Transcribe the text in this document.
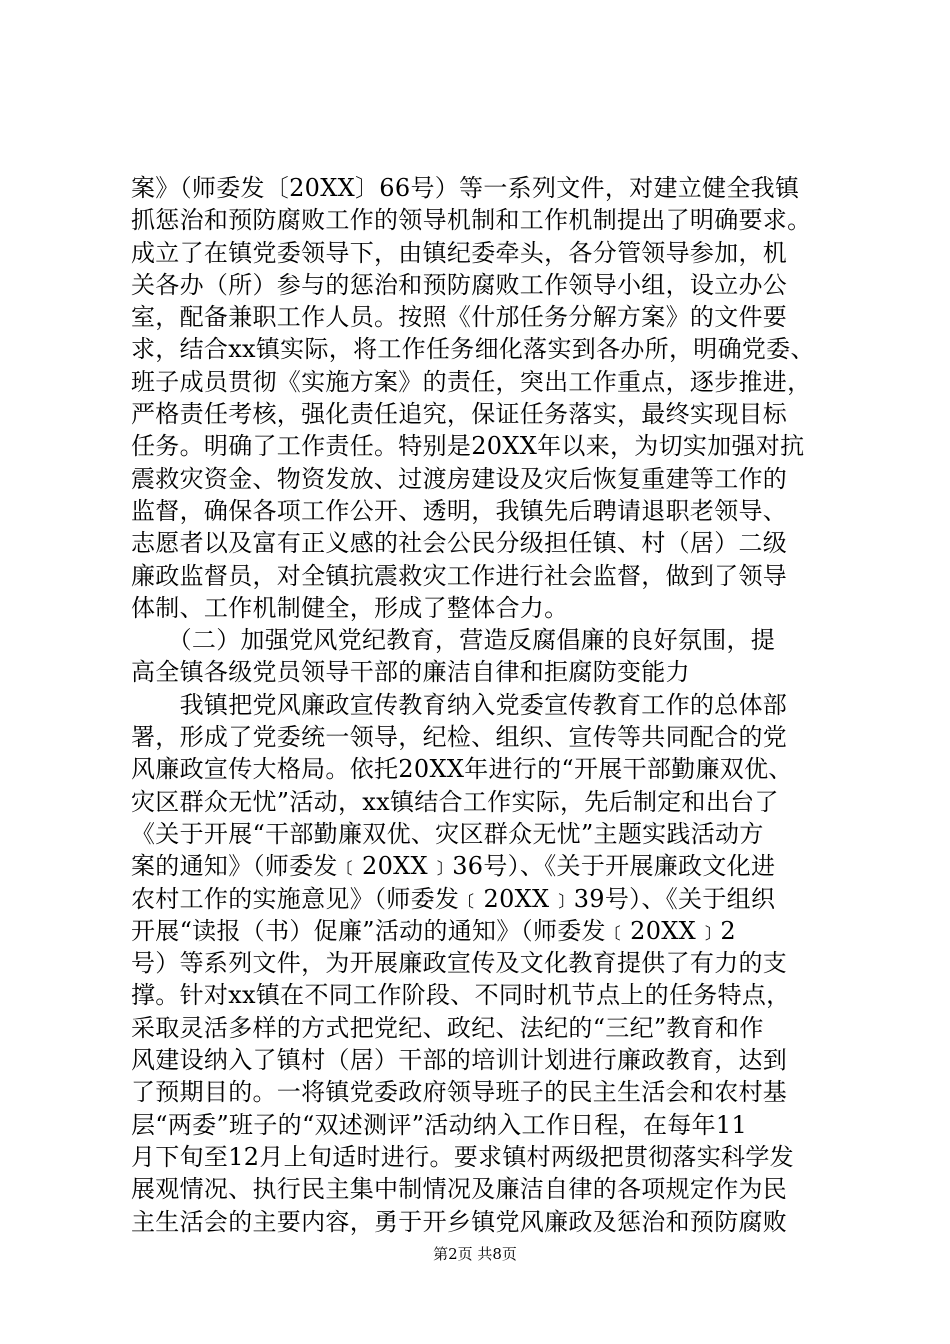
案》（师委发〔20XX〕66号）等一系列文件，对建立健全我镇
抓惩治和预防腐败工作的领导机制和工作机制提出了明确要求。
成立了在镇党委领导下，由镇纪委牵头，各分管领导参加，机
关各办（所）参与的惩治和预防腐败工作领导小组，设立办公
室，配备兼职工作人员。按照《什邡任务分解方案》的文件要
求，结合xx镇实际，将工作任务细化落实到各办所，明确党委、
班子成员贯彻《实施方案》的责任，突出工作重点，逐步推进，
严格责任考核，强化责任追究，保证任务落实，最终实现目标
任务。明确了工作责任。特别是20XX年以来，为切实加强对抗
震救灾资金、物资发放、过渡房建设及灾后恢复重建等工作的
监督，确保各项工作公开、透明，我镇先后聘请退职老领导、
志愿者以及富有正义感的社会公民分级担任镇、村（居）二级
廉政监督员，对全镇抗震救灾工作进行社会监督，做到了领导
体制、工作机制健全，形成了整体合力。
　　（二）加强党风党纪教育，营造反腐倡廉的良好氛围，提
高全镇各级党员领导干部的廉洁自律和拒腐防变能力
　　我镇把党风廉政宣传教育纳入党委宣传教育工作的总体部
署，形成了党委统一领导，纪检、组织、宣传等共同配合的党
风廉政宣传大格局。依托20XX年进行的“开展干部勤廉双优、
灾区群众无忧”活动，xx镇结合工作实际，先后制定和出台了
《关于开展“干部勤廉双优、灾区群众无忧”主题实践活动方
案的通知》（师委发﹝20XX﹞36号）、《关于开展廉政文化进
农村工作的实施意见》（师委发﹝20XX﹞39号）、《关于组织
开展“读报（书）促廉”活动的通知》（师委发﹝20XX﹞2
号）等系列文件，为开展廉政宣传及文化教育提供了有力的支
撑。针对xx镇在不同工作阶段、不同时机节点上的任务特点，
采取灵活多样的方式把党纪、政纪、法纪的“三纪”教育和作
风建设纳入了镇村（居）干部的培训计划进行廉政教育，达到
了预期目的。一将镇党委政府领导班子的民主生活会和农村基
层“两委”班子的“双述测评”活动纳入工作日程，在每年11
月下旬至12月上旬适时进行。要求镇村两级把贯彻落实科学发
展观情况、执行民主集中制情况及廉洁自律的各项规定作为民
主生活会的主要内容，勇于开乡镇党风廉政及惩治和预防腐败
第2页 共8页
